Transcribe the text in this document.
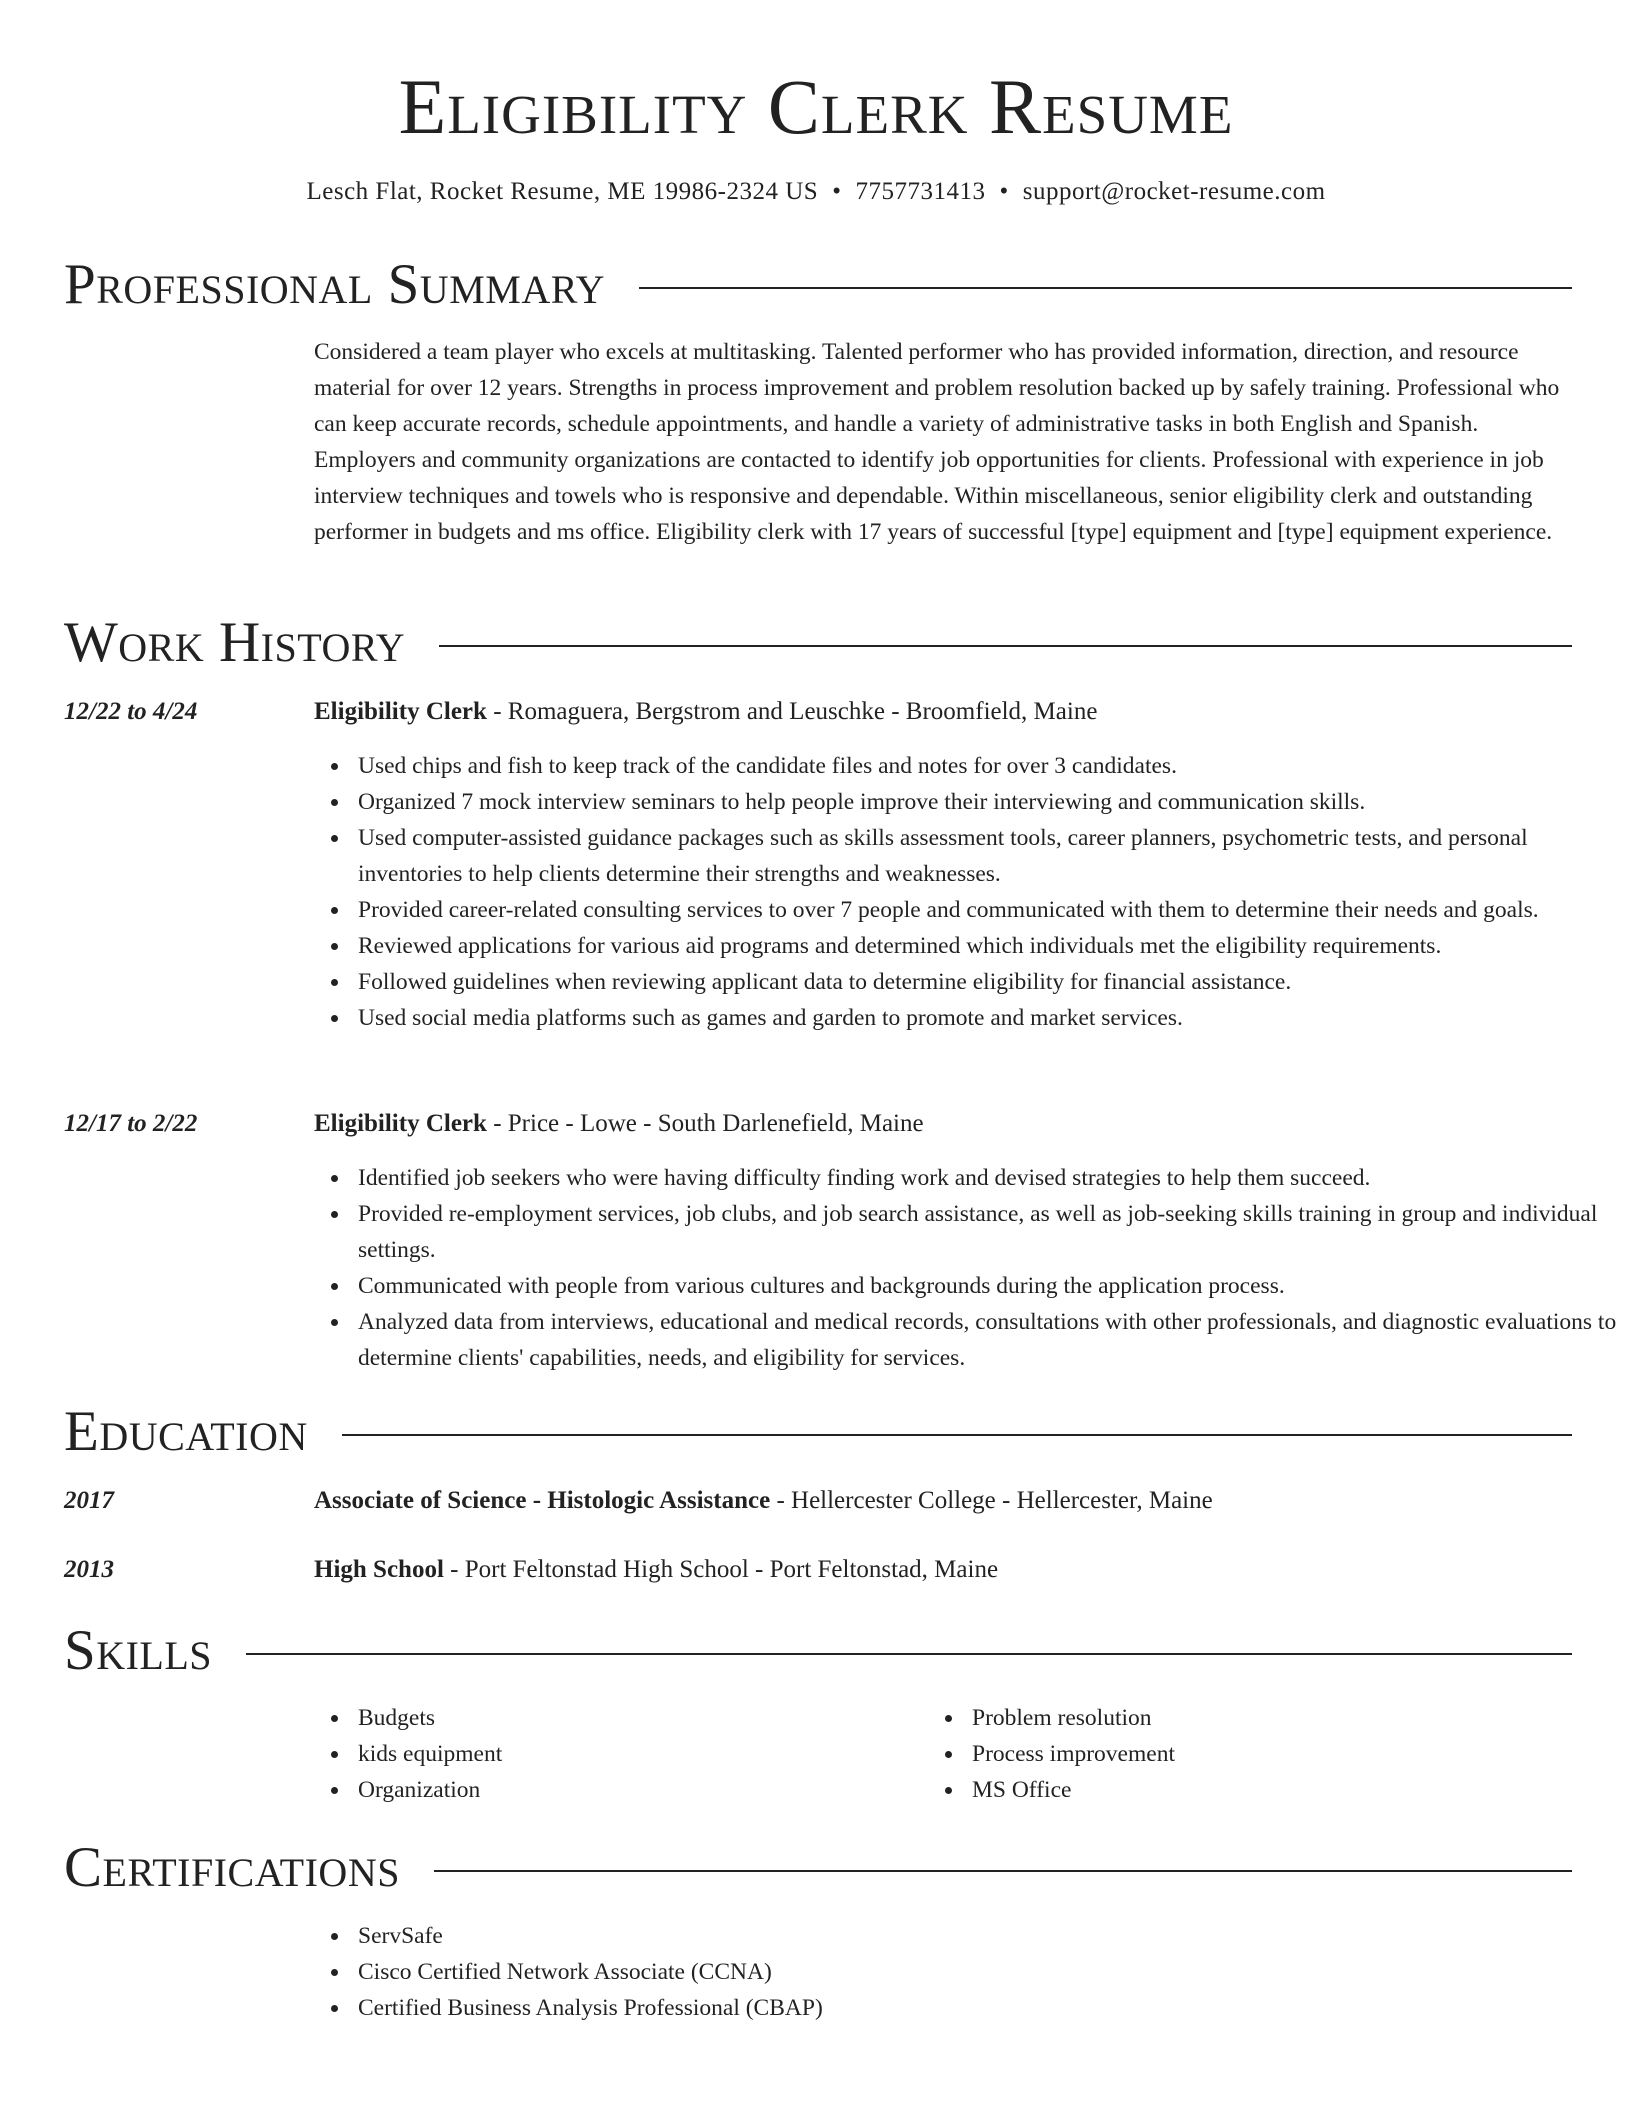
Eligibility Clerk Resume
Lesch Flat, Rocket Resume, ME 19986-2324 US • 7757731413 • support@rocket-resume.com
Professional Summary

Considered a team player who excels at multitasking. Talented performer who has provided information, direction, and resource material for over 12 years. Strengths in process improvement and problem resolution backed up by safely training. Professional who can keep accurate records, schedule appointments, and handle a variety of administrative tasks in both English and Spanish. Employers and community organizations are contacted to identify job opportunities for clients. Professional with experience in job interview techniques and towels who is responsive and dependable. Within miscellaneous, senior eligibility clerk and outstanding performer in budgets and ms office. Eligibility clerk with 17 years of successful [type] equipment and [type] equipment experience.

Work History
12/22 to 4/24	Eligibility Clerk - Romaguera, Bergstrom and Leuschke - Broomfield, Maine
Used chips and fish to keep track of the candidate files and notes for over 3 candidates.
Organized 7 mock interview seminars to help people improve their interviewing and communication skills.
Used computer-assisted guidance packages such as skills assessment tools, career planners, psychometric tests, and personal inventories to help clients determine their strengths and weaknesses.
Provided career-related consulting services to over 7 people and communicated with them to determine their needs and goals.
Reviewed applications for various aid programs and determined which individuals met the eligibility requirements.
Followed guidelines when reviewing applicant data to determine eligibility for financial assistance.
Used social media platforms such as games and garden to promote and market services.
12/17 to 2/22	Eligibility Clerk - Price - Lowe - South Darlenefield, Maine
Identified job seekers who were having difficulty finding work and devised strategies to help them succeed.
Provided re-employment services, job clubs, and job search assistance, as well as job-seeking skills training in group and individual settings.
Communicated with people from various cultures and backgrounds during the application process.
Analyzed data from interviews, educational and medical records, consultations with other professionals, and diagnostic evaluations to determine clients' capabilities, needs, and eligibility for services.
Education
2017	Associate of Science - Histologic Assistance - Hellercester College - Hellercester, Maine
2013	High School - Port Feltonstad High School - Port Feltonstad, Maine
Skills
Budgets
kids equipment
Organization
Problem resolution
Process improvement
MS Office
Certifications
ServSafe
Cisco Certified Network Associate (CCNA)
Certified Business Analysis Professional (CBAP)
